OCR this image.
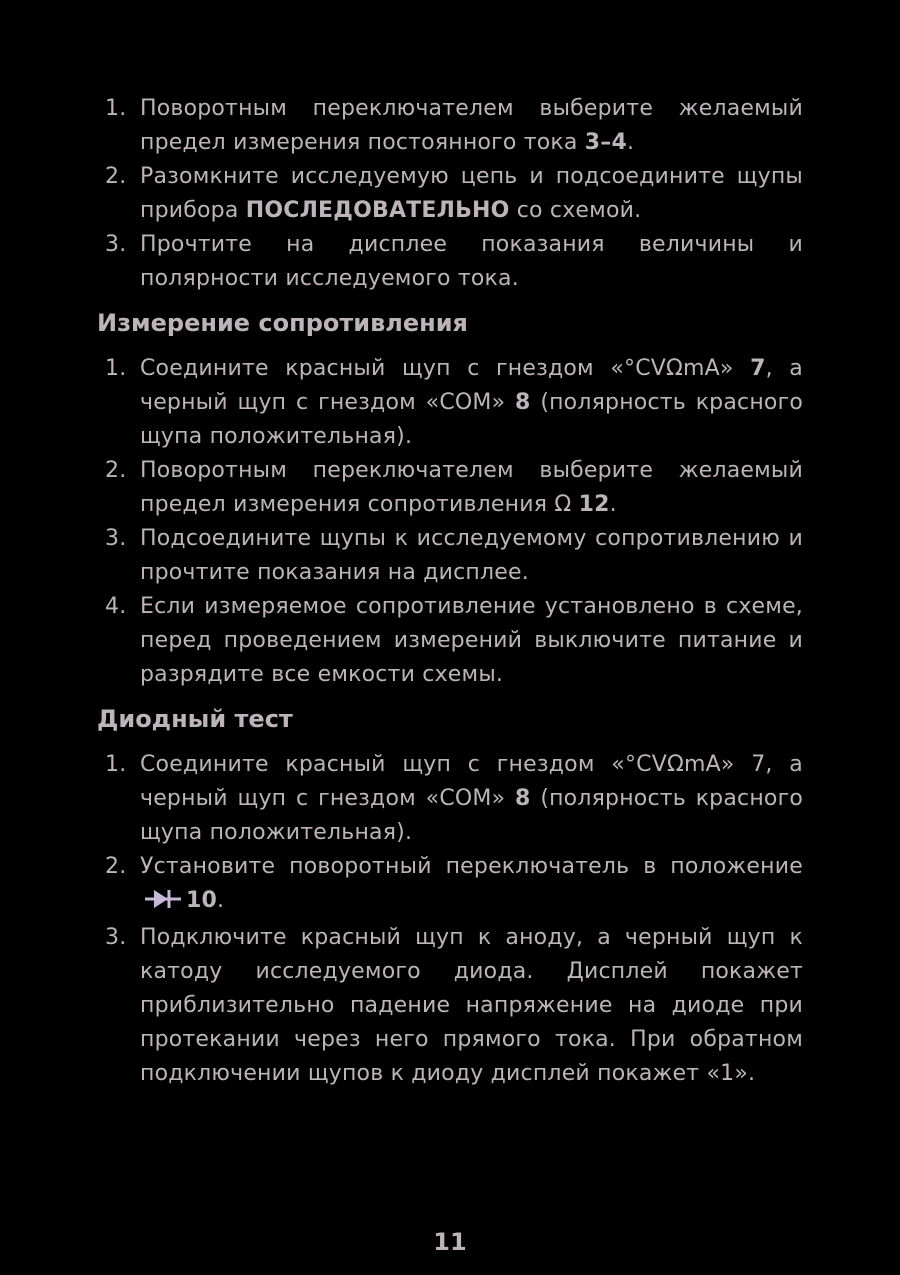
1. Поворотным переключателем выберите желаемый предел измерения постоянного тока 3–4.
2. Разомкните исследуемую цепь и подсоедините щупы прибора ПОСЛЕДОВАТЕЛЬНО со схемой.
3. Прочтите на дисплее показания величины и полярности исследуемого тока.
Измерение сопротивления
1. Соедините красный щуп с гнездом «°CVΩmA» 7, а черный щуп с гнездом «COM» 8 (полярность красного щупа положительная).
2. Поворотным переключателем выберите желаемый предел измерения сопротивления Ω 12.
3. Подсоедините щупы к исследуемому сопротивлению и прочтите показания на дисплее.
4. Если измеряемое сопротивление установлено в схеме, перед проведением измерений выключите питание и разрядите все емкости схемы.
Диодный тест
1. Соедините красный щуп с гнездом «°CVΩmA» 7, а черный щуп с гнездом «COM» 8 (полярность красного щупа положительная).
2. Установите поворотный переключатель в положение 10.
3. Подключите красный щуп к аноду, а черный щуп к катоду исследуемого диода. Дисплей покажет приблизительно падение напряжение на диоде при протекании через него прямого тока. При обратном подключении щупов к диоду дисплей покажет «1».
11
